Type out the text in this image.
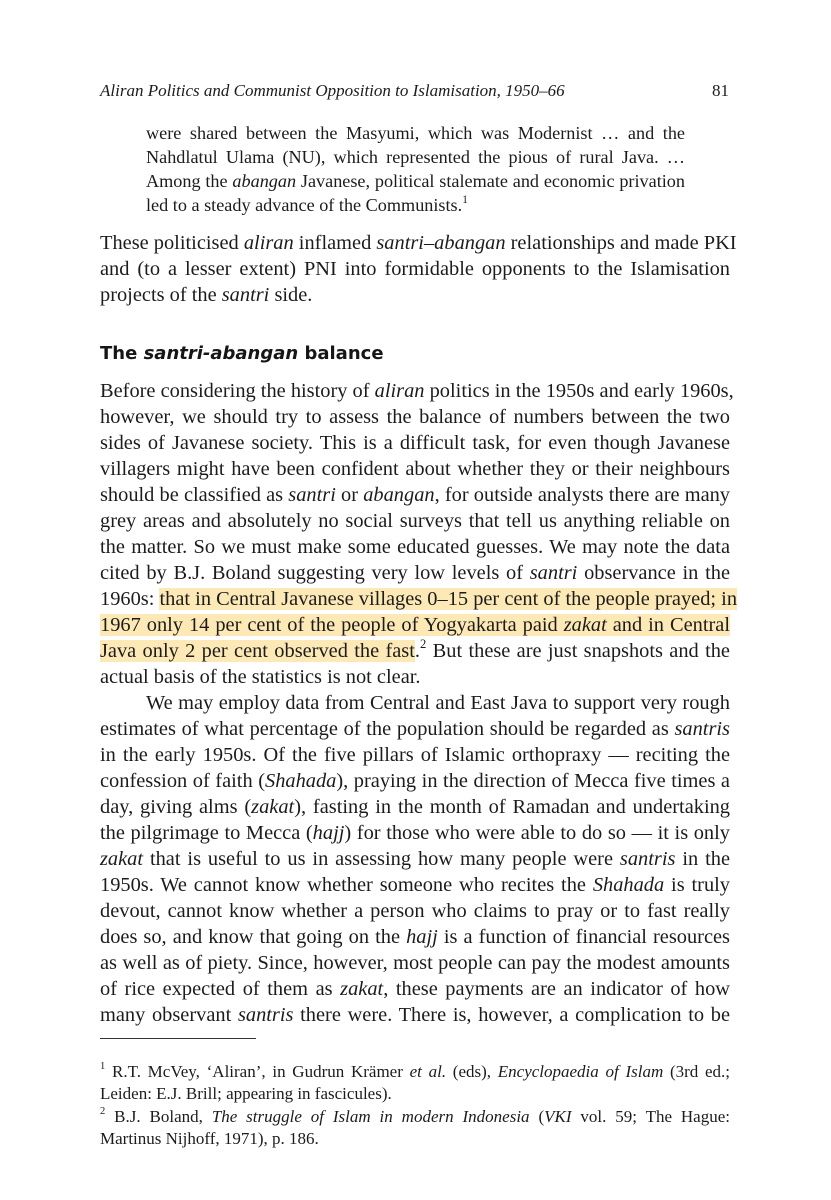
Aliran Politics and Communist Opposition to Islamisation, 1950–66	81
were shared between the Masyumi, which was Modernist … and the
Nahdlatul Ulama (NU), which represented the pious of rural Java. …
Among the abangan Javanese, political stalemate and economic privation
led to a steady advance of the Communists.$^1$
These politicised aliran inflamed santri–abangan relationships and made PKI
and (to a lesser extent) PNI into formidable opponents to the Islamisation
projects of the santri side.
The santri-abangan balance
Before considering the history of aliran politics in the 1950s and early 1960s,
however, we should try to assess the balance of numbers between the two
sides of Javanese society. This is a difficult task, for even though Javanese
villagers might have been confident about whether they or their neighbours
should be classified as santri or abangan, for outside analysts there are many
grey areas and absolutely no social surveys that tell us anything reliable on
the matter. So we must make some educated guesses. We may note the data
cited by B.J. Boland suggesting very low levels of santri observance in the
1960s: that in Central Javanese villages 0–15 per cent of the people prayed; in
1967 only 14 per cent of the people of Yogyakarta paid zakat and in Central
Java only 2 per cent observed the fast.$^2$ But these are just snapshots and the
actual basis of the statistics is not clear.
We may employ data from Central and East Java to support very rough
estimates of what percentage of the population should be regarded as santris
in the early 1950s. Of the five pillars of Islamic orthopraxy — reciting the
confession of faith (Shahada), praying in the direction of Mecca five times a
day, giving alms (zakat), fasting in the month of Ramadan and undertaking
the pilgrimage to Mecca (hajj) for those who were able to do so — it is only
zakat that is useful to us in assessing how many people were santris in the
1950s. We cannot know whether someone who recites the Shahada is truly
devout, cannot know whether a person who claims to pray or to fast really
does so, and know that going on the hajj is a function of financial resources
as well as of piety. Since, however, most people can pay the modest amounts
of rice expected of them as zakat, these payments are an indicator of how
many observant santris there were. There is, however, a complication to be
$^1$ R.T. McVey, ‘Aliran’, in Gudrun Krämer et al. (eds), Encyclopaedia of Islam (3rd ed.;
Leiden: E.J. Brill; appearing in fascicules).
$^2$ B.J. Boland, The struggle of Islam in modern Indonesia (VKI vol. 59; The Hague:
Martinus Nijhoff, 1971), p. 186.
